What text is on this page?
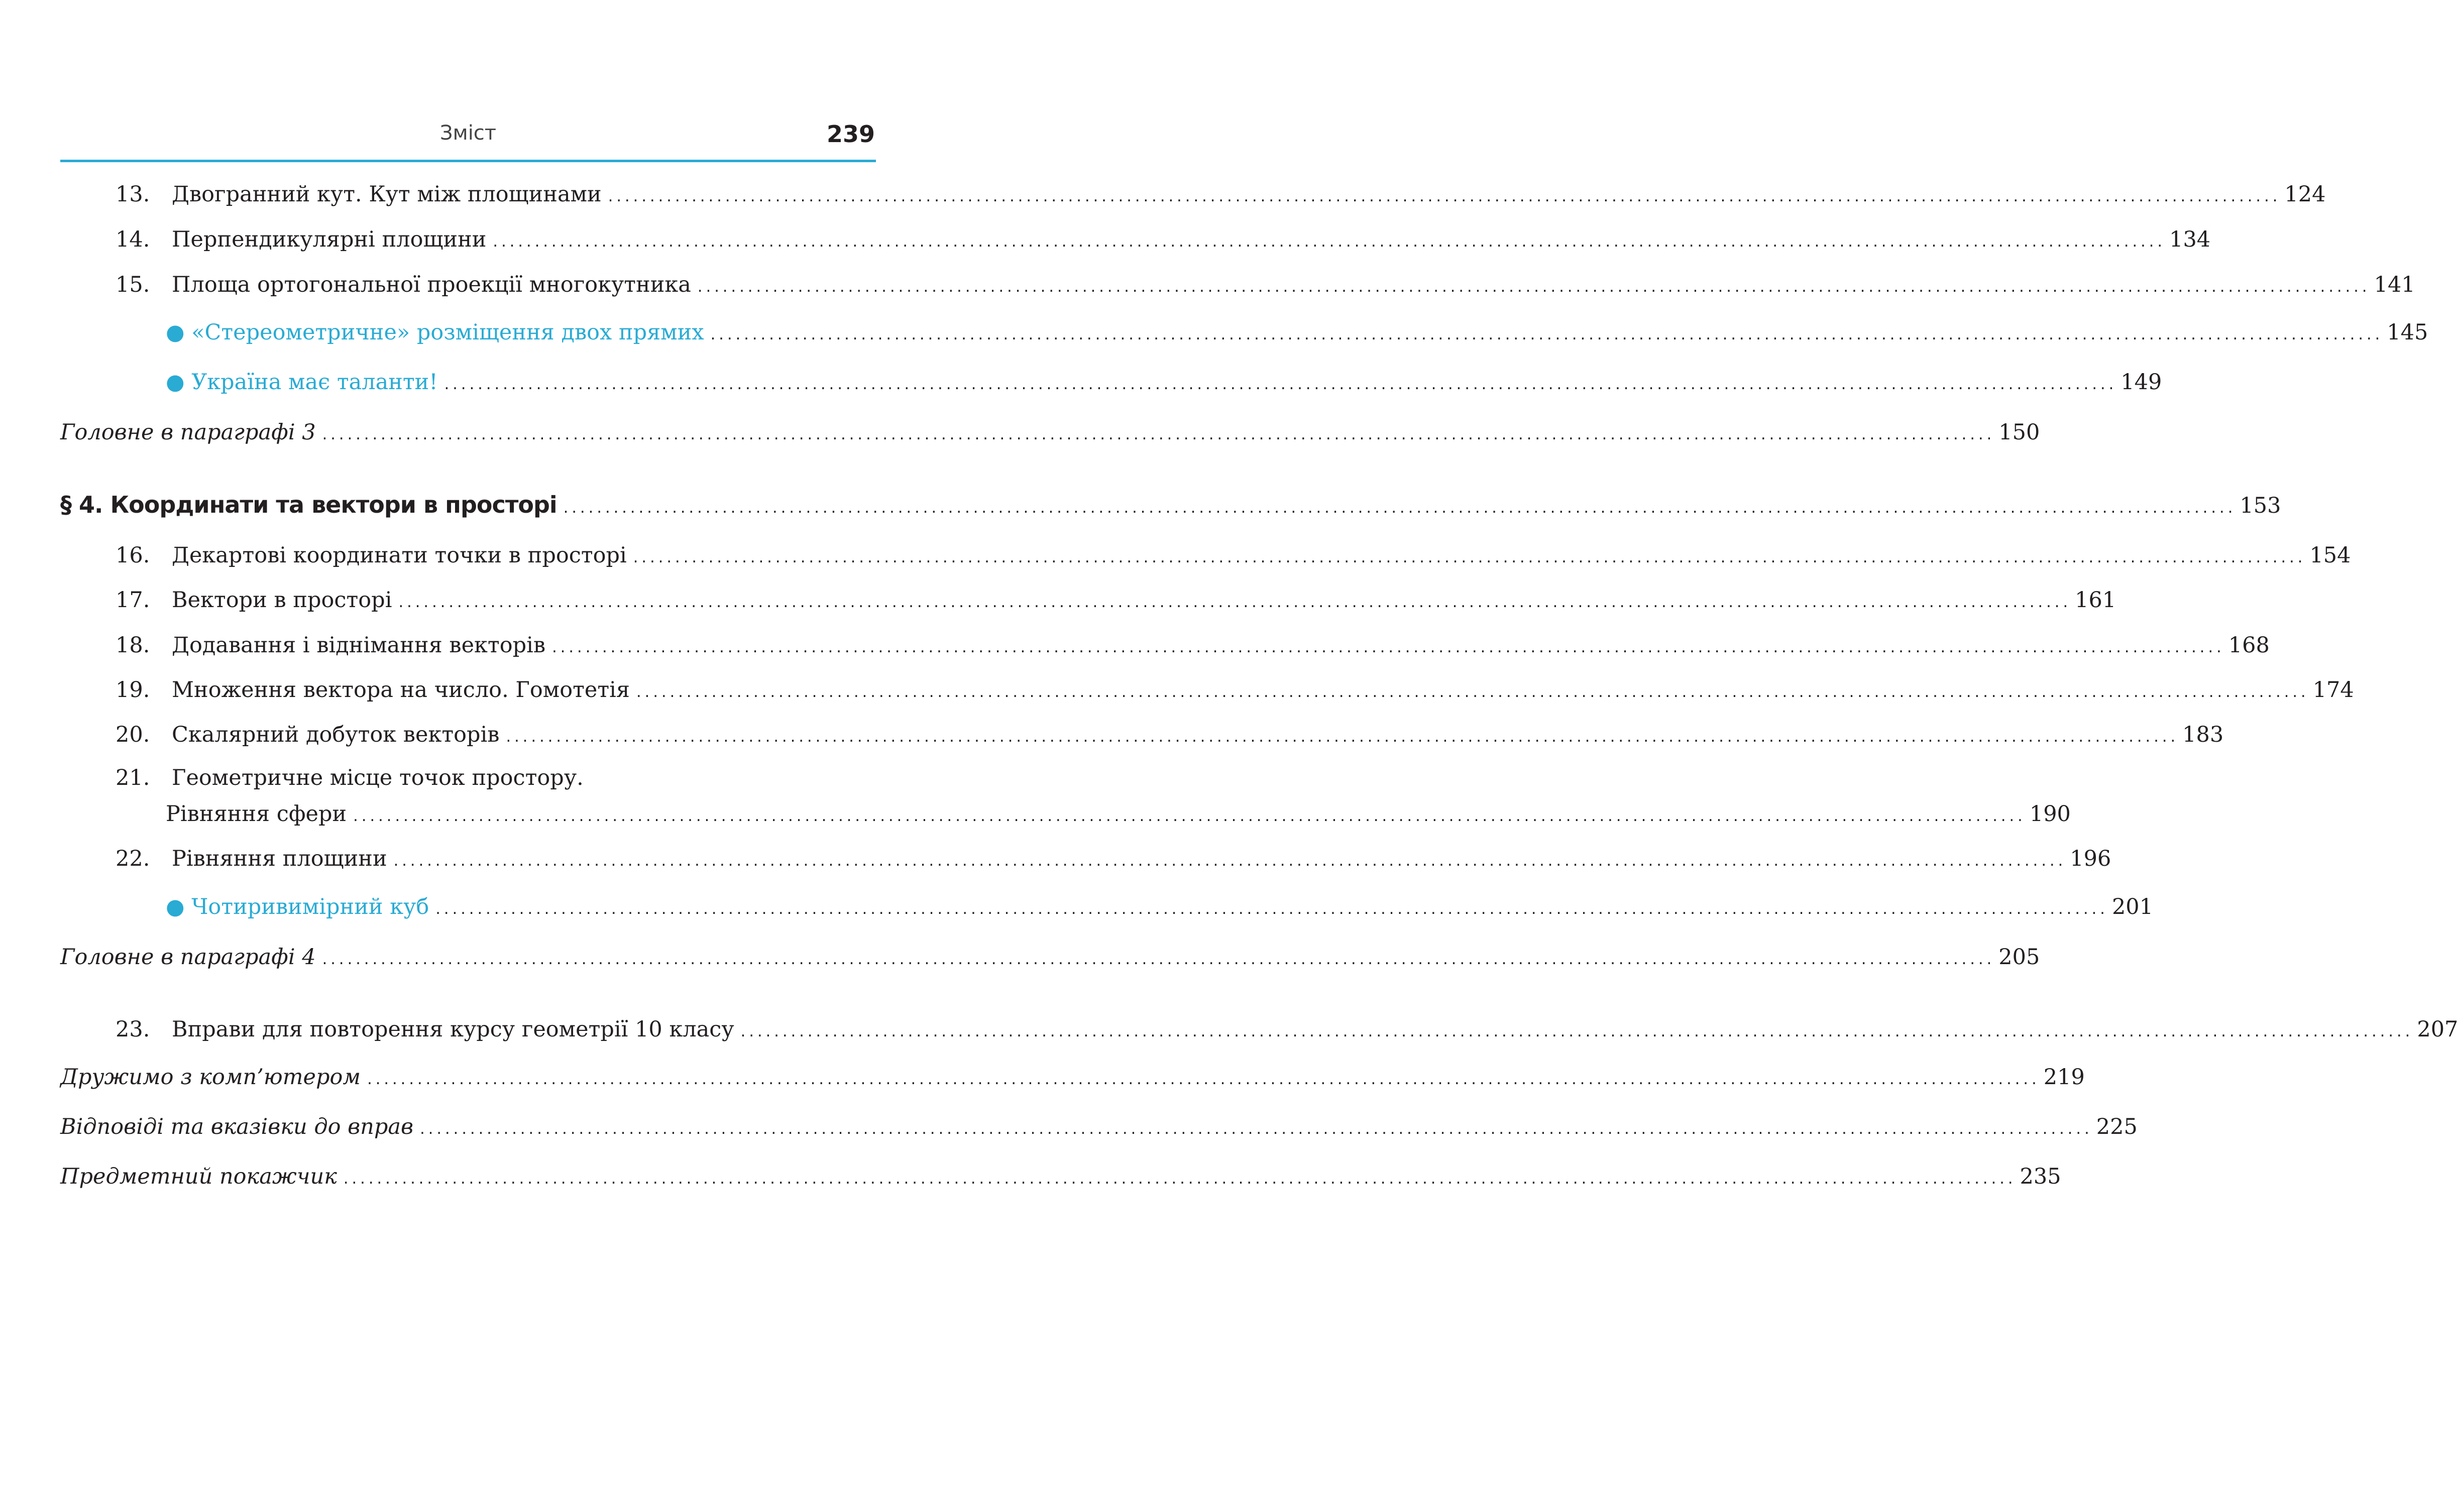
Зміст	239
13. Двогранний кут. Кут між площинами ........................................................................................................................................................................................................ 124
14. Перпендикулярні площини ........................................................................................................................................................................................................ 134
15. Площа ортогональної проекції многокутника ........................................................................................................................................................................................................ 141
● «Стереометричне» розміщення двох прямих ........................................................................................................................................................................................................ 145
● Україна має таланти! ........................................................................................................................................................................................................ 149
Головне в параграфі 3 ........................................................................................................................................................................................................ 150
§ 4. Координати та вектори в просторі ........................................................................................................................................................................................................ 153
16. Декартові координати точки в просторі ........................................................................................................................................................................................................ 154
17. Вектори в просторі ........................................................................................................................................................................................................ 161
18. Додавання і віднімання векторів ........................................................................................................................................................................................................ 168
19. Множення вектора на число. Гомотетія ........................................................................................................................................................................................................ 174
20. Скалярний добуток векторів ........................................................................................................................................................................................................ 183
21. Геометричне місце точок простору.
Рівняння сфери ........................................................................................................................................................................................................ 190
22. Рівняння площини ........................................................................................................................................................................................................ 196
● Чотиривимірний куб ........................................................................................................................................................................................................ 201
Головне в параграфі 4 ........................................................................................................................................................................................................ 205
23. Вправи для повторення курсу геометрії 10 класу ........................................................................................................................................................................................................ 207
Дружимо з комп’ютером ........................................................................................................................................................................................................ 219
Відповіді та вказівки до вправ ........................................................................................................................................................................................................ 225
Предметний покажчик ........................................................................................................................................................................................................ 235
